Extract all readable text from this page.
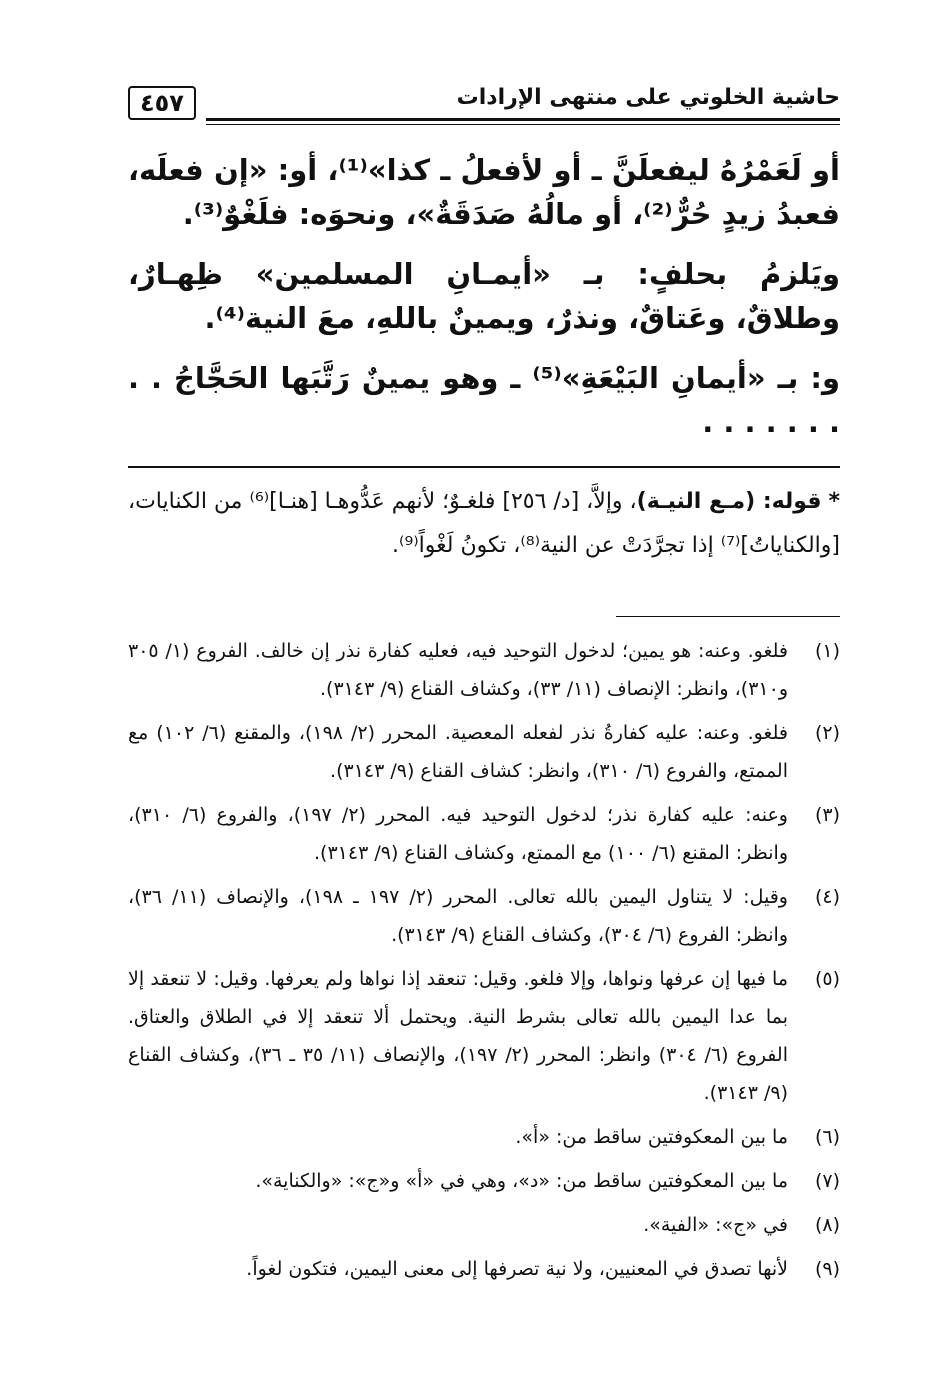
٤٥٧	حاشية الخلوتي على منتهى الإرادات

أو لَعَمْرُهُ ليفعلَنَّ ـ أو لأفعلُ ـ كذا»⁽¹⁾، أو: «إن فعلَه، فعبدُ زيدٍ حُرٌّ⁽²⁾، أو مالُهُ صَدَقَةٌ»، ونحوَه: فلَغْوٌ⁽³⁾.

ويَلزمُ بحلفٍ: بـ «أيمـانِ المسلمين» ظِهـارٌ، وطلاقٌ، وعَتاقٌ، ونذرٌ، ويمينٌ باللهِ، معَ النية⁽⁴⁾.

و: بـ «أيمانِ البَيْعَةِ»⁽⁵⁾ ـ وهو يمينٌ رَتَّبَها الحَجَّاجُ . . . . . . . . .

* قوله: (مـع النيـة)، وإلاَّ، [د/ ٢٥٦] فلغـوٌ؛ لأنهم عَدُّوهـا [هنـا]⁽⁶⁾ من الكنايات، [والكناياتُ]⁽⁷⁾ إذا تجرَّدَتْ عن النية⁽⁸⁾، تكونُ لَغْواً⁽⁹⁾.

(١)
فلغو. وعنه: هو يمين؛ لدخول التوحيد فيه، فعليه كفارة نذر إن خالف. الفروع (١/ ٣٠٥ و٣١٠)، وانظر: الإنصاف (١١/ ٣٣)، وكشاف القناع (٩/ ٣١٤٣).
(٢)
فلغو. وعنه: عليه كفارةُ نذر لفعله المعصية. المحرر (٢/ ١٩٨)، والمقنع (٦/ ١٠٢) مع الممتع، والفروع (٦/ ٣١٠)، وانظر: كشاف القناع (٩/ ٣١٤٣).
(٣)
وعنه: عليه كفارة نذر؛ لدخول التوحيد فيه. المحرر (٢/ ١٩٧)، والفروع (٦/ ٣١٠)، وانظر: المقنع (٦/ ١٠٠) مع الممتع، وكشاف القناع (٩/ ٣١٤٣).
(٤)
وقيل: لا يتناول اليمين بالله تعالى. المحرر (٢/ ١٩٧ ـ ١٩٨)، والإنصاف (١١/ ٣٦)، وانظر: الفروع (٦/ ٣٠٤)، وكشاف القناع (٩/ ٣١٤٣).
(٥)
ما فيها إن عرفها ونواها، وإلا فلغو. وقيل: تنعقد إذا نواها ولم يعرفها. وقيل: لا تنعقد إلا بما عدا اليمين بالله تعالى بشرط النية. ويحتمل ألا تنعقد إلا في الطلاق والعتاق. الفروع (٦/ ٣٠٤) وانظر: المحرر (٢/ ١٩٧)، والإنصاف (١١/ ٣٥ ـ ٣٦)، وكشاف القناع (٩/ ٣١٤٣).
(٦)
ما بين المعكوفتين ساقط من: «أ».
(٧)
ما بين المعكوفتين ساقط من: «د»، وهي في «أ» و«ج»: «والكناية».
(٨)
في «ج»: «الفية».
(٩)
لأنها تصدق في المعنيين، ولا نية تصرفها إلى معنى اليمين، فتكون لغواً.
